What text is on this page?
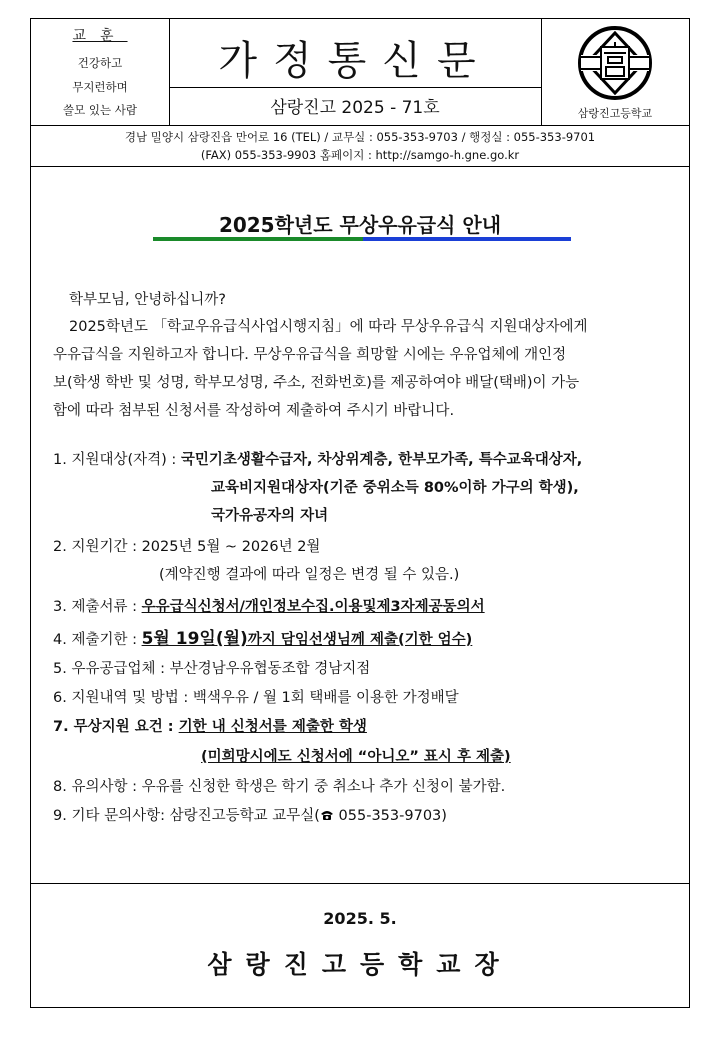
교훈
건강하고
무지런하며
쓸모 있는 사람
가정통신문
삼랑진고 2025 - 71호	삼랑진고등학교
경남 밀양시 삼랑진읍 만어로 16 (TEL) / 교무실 : 055-353-9703 / 행정실 : 055-353-9701
(FAX) 055-353-9903 홈페이지 : http://samgo-h.gne.go.kr
2025학년도 무상우유급식 안내
학부모님, 안녕하십니까?
2025학년도 「학교우유급식사업시행지침」에 따라 무상우유급식 지원대상자에게
우유급식을 지원하고자 합니다. 무상우유급식을 희망할 시에는 우유업체에 개인정
보(학생 학반 및 성명, 학부모성명, 주소, 전화번호)를 제공하여야 배달(택배)이 가능
함에 따라 첨부된 신청서를 작성하여 제출하여 주시기 바랍니다.
1. 지원대상(자격) : 국민기초생활수급자, 차상위계층, 한부모가족, 특수교육대상자,
교육비지원대상자(기준 중위소득 80%이하 가구의 학생),
국가유공자의 자녀
2. 지원기간 : 2025년 5월 ~ 2026년 2월
(계약진행 결과에 따라 일정은 변경 될 수 있음.)
3. 제출서류 : 우유급식신청서/개인정보수집.이용및제3자제공동의서
4. 제출기한 : 5월 19일(월)까지 담임선생님께 제출(기한 엄수)
5. 우유공급업체 : 부산경남우유협동조합 경남지점
6. 지원내역 및 방법 : 백색우유 / 월 1회 택배를 이용한 가정배달
7. 무상지원 요건 : 기한 내 신청서를 제출한 학생
(미희망시에도 신청서에 “아니오” 표시 후 제출)
8. 유의사항 : 우유를 신청한 학생은 학기 중 취소나 추가 신청이 불가함.
9. 기타 문의사항: 삼랑진고등학교 교무실( 055-353-9703)
2025. 5.
삼랑진고등학교장
